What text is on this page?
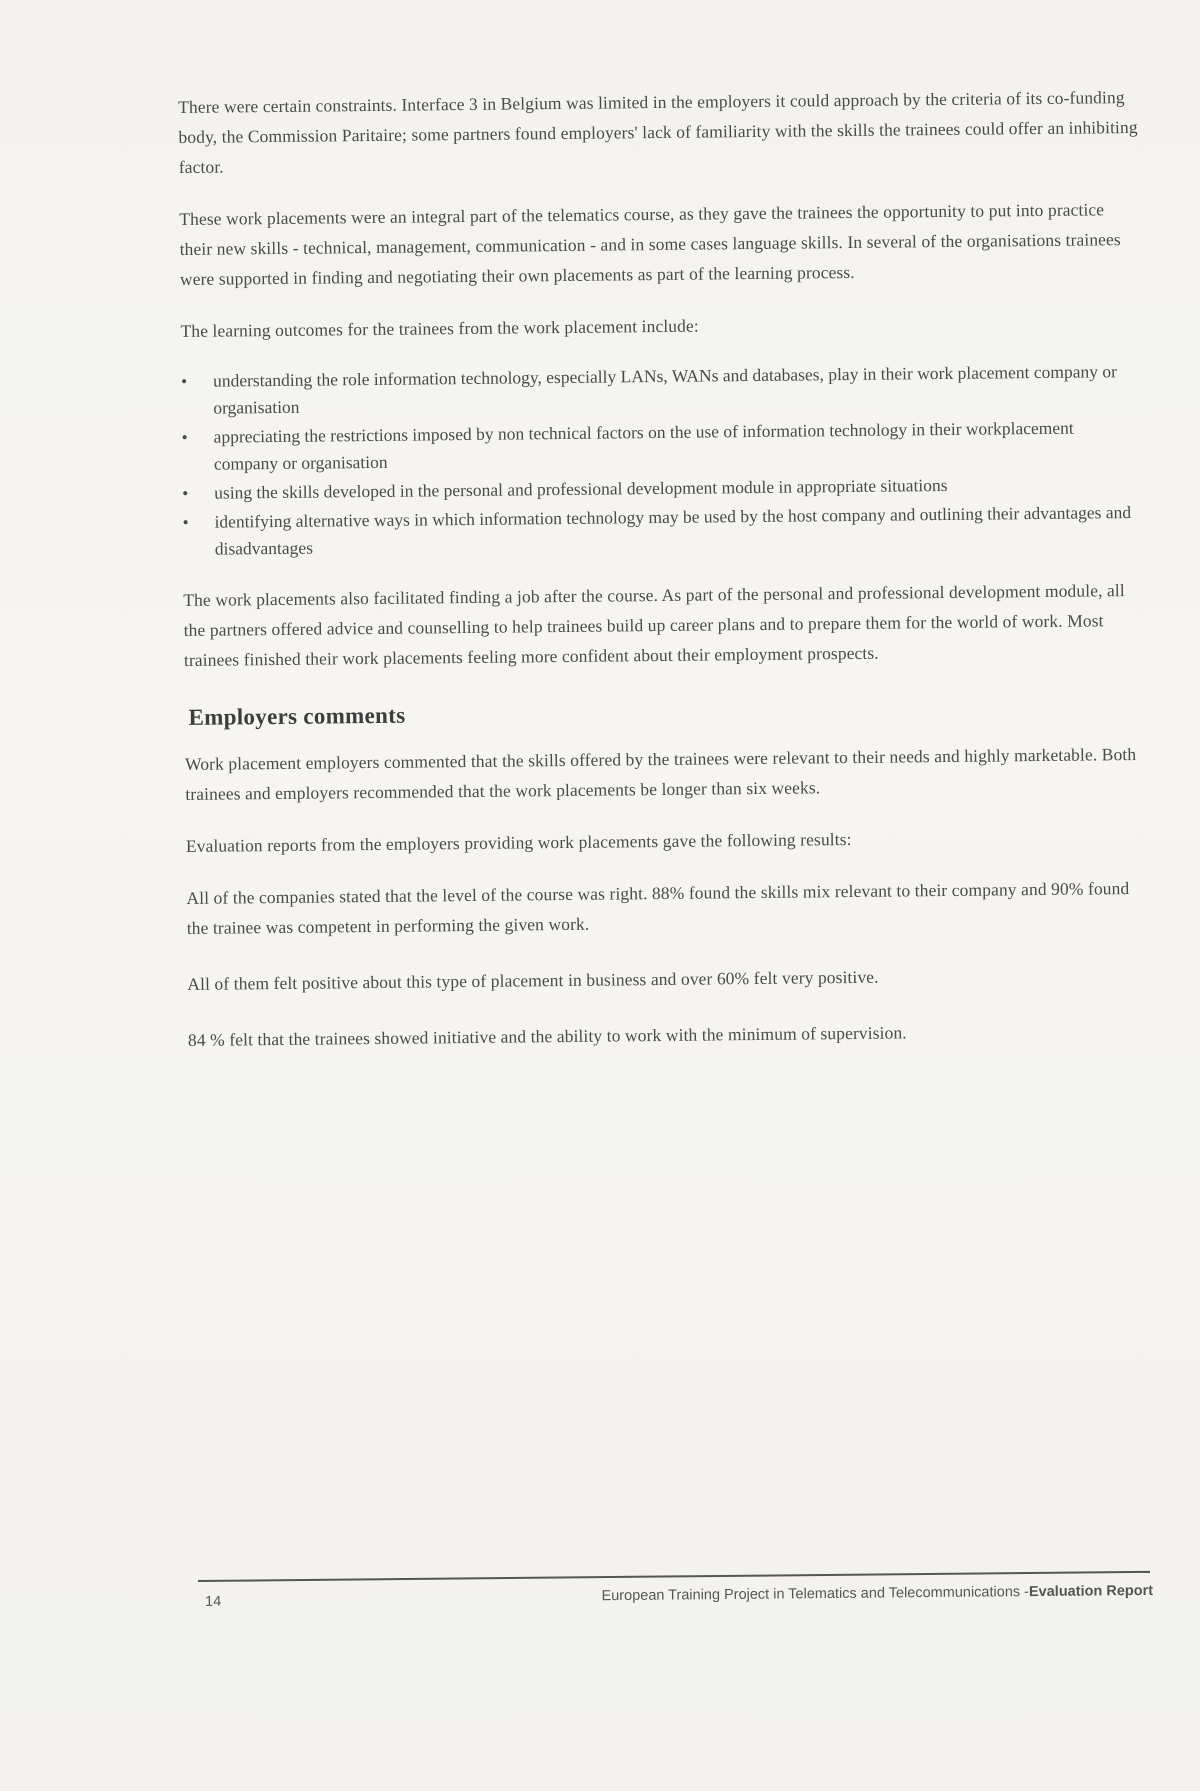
There were certain constraints. Interface 3 in Belgium was limited in the employers it could approach by the criteria of its co-funding body, the Commission Paritaire; some partners found employers' lack of familiarity with the skills the trainees could offer an inhibiting factor.

These work placements were an integral part of the telematics course, as they gave the trainees the opportunity to put into practice their new skills - technical, management, communication - and in some cases language skills. In several of the organisations trainees were supported in finding and negotiating their own placements as part of the learning process.

The learning outcomes for the trainees from the work placement include:

• understanding the role information technology, especially LANs, WANs and databases, play in their work placement company or organisation
• appreciating the restrictions imposed by non technical factors on the use of information technology in their workplacement company or organisation
• using the skills developed in the personal and professional development module in appropriate situations
• identifying alternative ways in which information technology may be used by the host company and outlining their advantages and disadvantages

The work placements also facilitated finding a job after the course. As part of the personal and professional development module, all the partners offered advice and counselling to help trainees build up career plans and to prepare them for the world of work. Most trainees finished their work placements feeling more confident about their employment prospects.

Employers comments

Work placement employers commented that the skills offered by the trainees were relevant to their needs and highly marketable. Both trainees and employers recommended that the work placements be longer than six weeks.

Evaluation reports from the employers providing work placements gave the following results:

All of the companies stated that the level of the course was right. 88% found the skills mix relevant to their company and 90% found the trainee was competent in performing the given work.

All of them felt positive about this type of placement in business and over 60% felt very positive.

84 % felt that the trainees showed initiative and the ability to work with the minimum of supervision.

14	European Training Project in Telematics and Telecommunications -Evaluation Report
